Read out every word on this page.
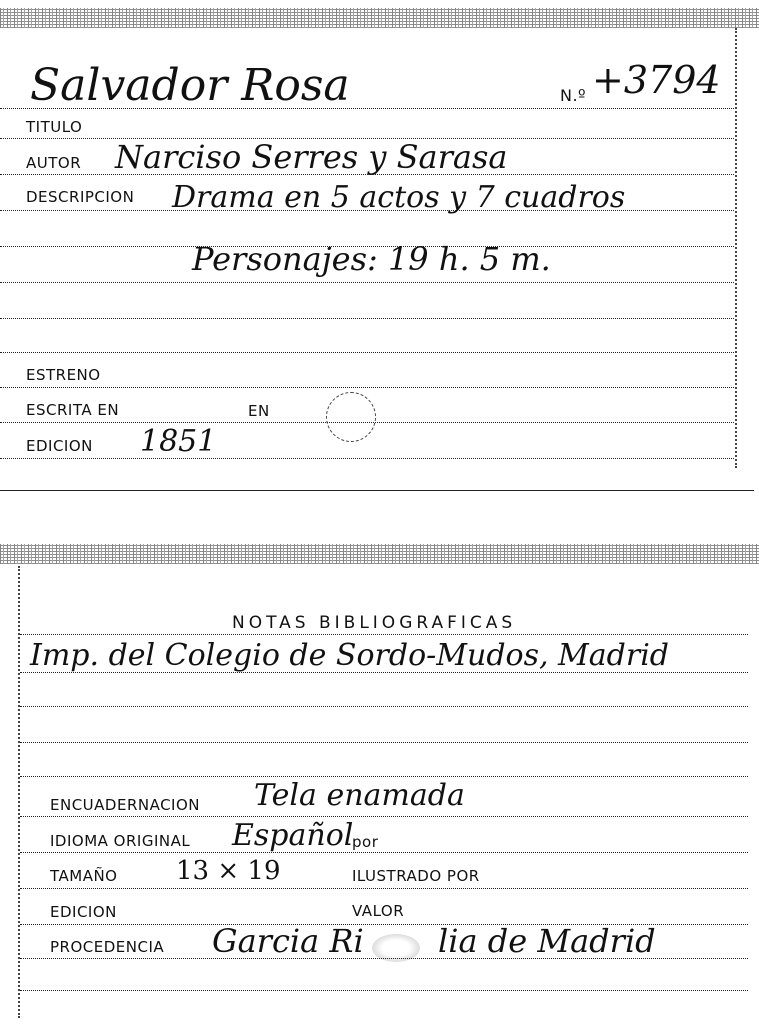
Salvador Rosa	N.º +3794
TITULO
AUTOR Narciso Serres y Sarasa
DESCRIPCION Drama en 5 actos y 7 cuadros
Personajes: 19 h. 5 m.
ESTRENO
ESCRITA EN	EN
EDICION 1851
NOTAS BIBLIOGRAFICAS
Imp. del Colegio de Sordo-Mudos, Madrid
ENCUADERNACION Tela enamada
IDIOMA ORIGINAL Español
por
TAMAÑO 13 × 19	ILUSTRADO POR
EDICION	VALOR
PROCEDENCIA Garcia Ri lia de Madrid
